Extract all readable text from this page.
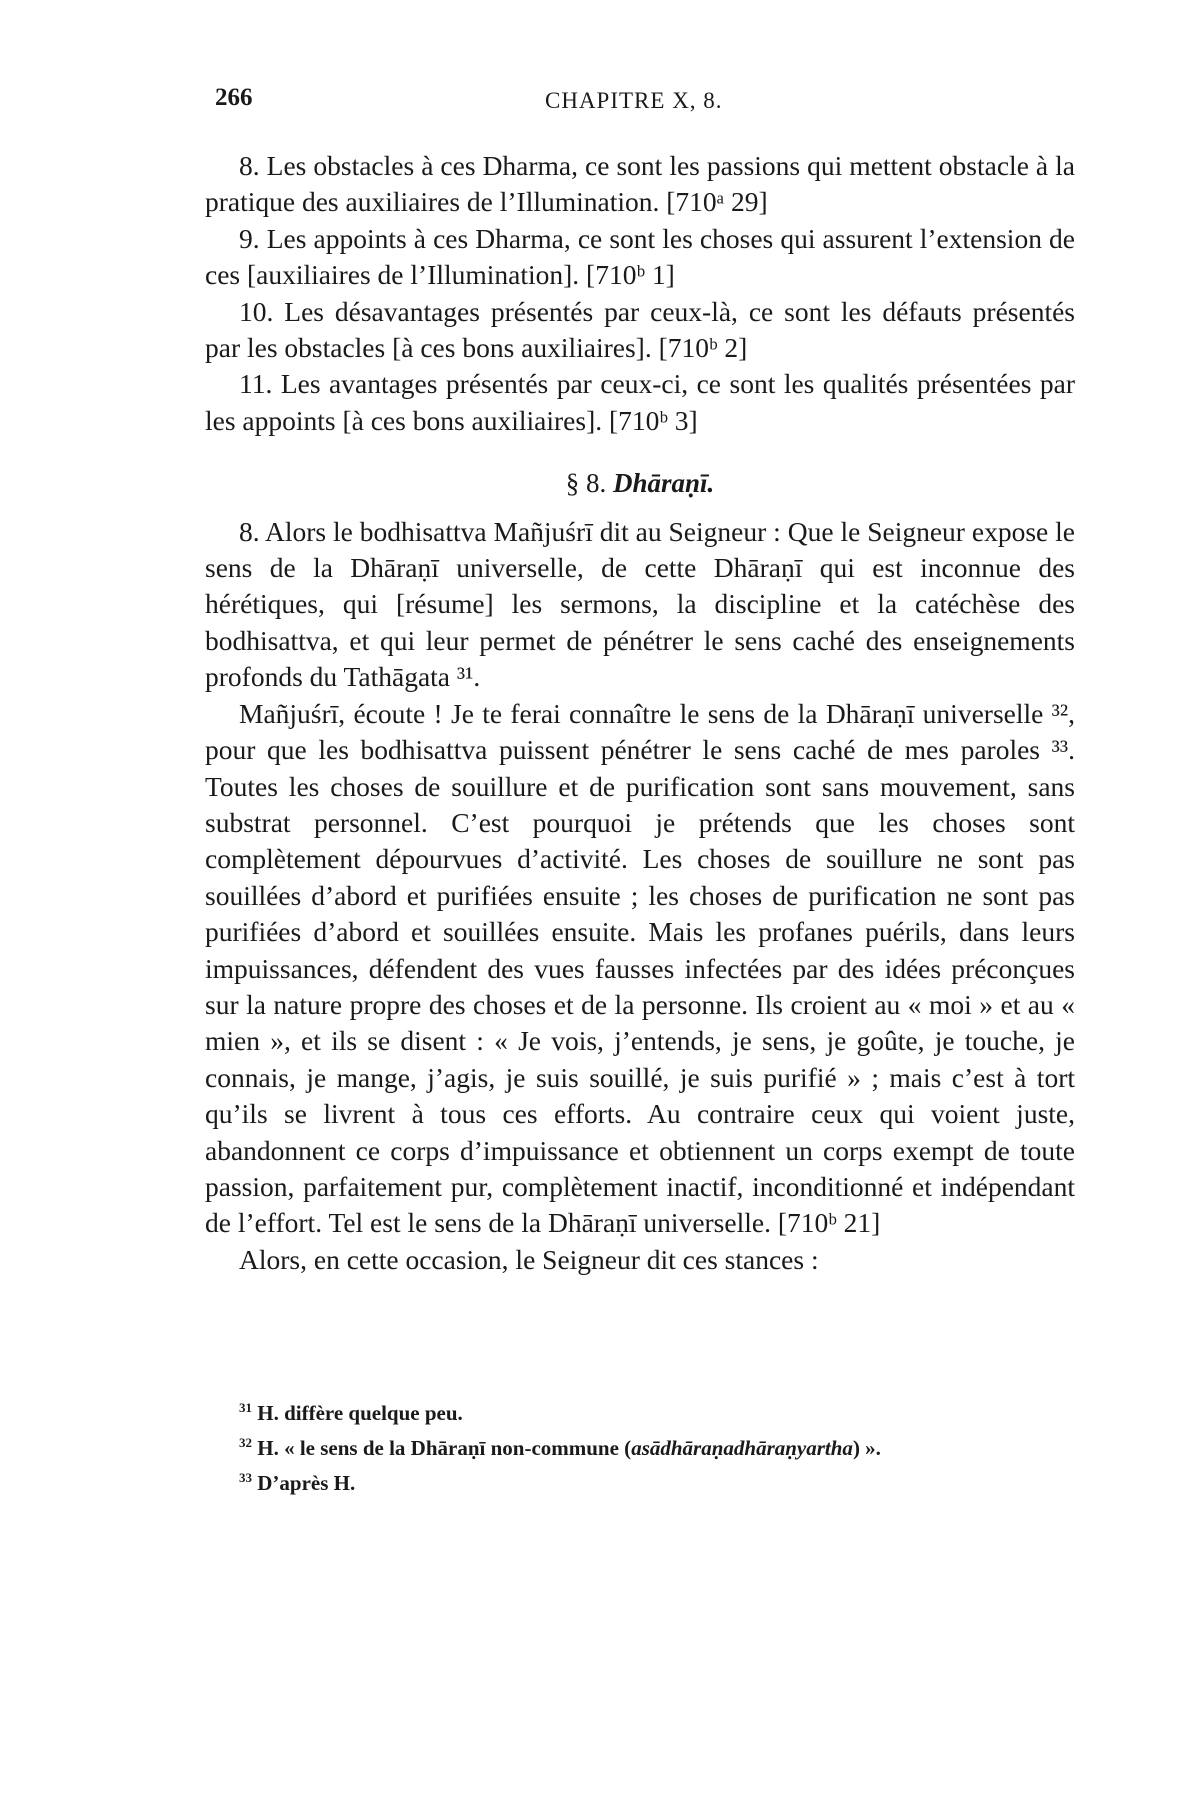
266	CHAPITRE X, 8.

8. Les obstacles à ces Dharma, ce sont les passions qui mettent obstacle à la pratique des auxiliaires de l’Illumination. [710ᵃ 29]

9. Les appoints à ces Dharma, ce sont les choses qui assurent l’extension de ces [auxiliaires de l’Illumination]. [710ᵇ 1]

10. Les désavantages présentés par ceux-là, ce sont les défauts présentés par les obstacles [à ces bons auxiliaires]. [710ᵇ 2]

11. Les avantages présentés par ceux-ci, ce sont les qualités présentées par les appoints [à ces bons auxiliaires]. [710ᵇ 3]

§ 8. Dhāraṇī.

8. Alors le bodhisattva Mañjuśrī dit au Seigneur : Que le Seigneur expose le sens de la Dhāraṇī universelle, de cette Dhāraṇī qui est inconnue des hérétiques, qui [résume] les sermons, la discipline et la catéchèse des bodhisattva, et qui leur permet de pénétrer le sens caché des enseignements profonds du Tathāgata ³¹.

Mañjuśrī, écoute ! Je te ferai connaître le sens de la Dhāraṇī universelle ³², pour que les bodhisattva puissent pénétrer le sens caché de mes paroles ³³. Toutes les choses de souillure et de purification sont sans mouvement, sans substrat personnel. C’est pourquoi je prétends que les choses sont complètement dépourvues d’activité. Les choses de souillure ne sont pas souillées d’abord et purifiées ensuite ; les choses de purification ne sont pas purifiées d’abord et souillées ensuite. Mais les profanes puérils, dans leurs impuissances, défendent des vues fausses infectées par des idées préconçues sur la nature propre des choses et de la personne. Ils croient au « moi » et au « mien », et ils se disent : « Je vois, j’entends, je sens, je goûte, je touche, je connais, je mange, j’agis, je suis souillé, je suis purifié » ; mais c’est à tort qu’ils se livrent à tous ces efforts. Au contraire ceux qui voient juste, abandonnent ce corps d’impuissance et obtiennent un corps exempt de toute passion, parfaitement pur, complètement inactif, inconditionné et indépendant de l’effort. Tel est le sens de la Dhāraṇī universelle. [710ᵇ 21]

Alors, en cette occasion, le Seigneur dit ces stances :

$^{31}$ H. diffère quelque peu.

$^{32}$ H. « le sens de la Dhāraṇī non-commune (asādhāraṇadhāraṇyartha) ».

$^{33}$ D’après H.
